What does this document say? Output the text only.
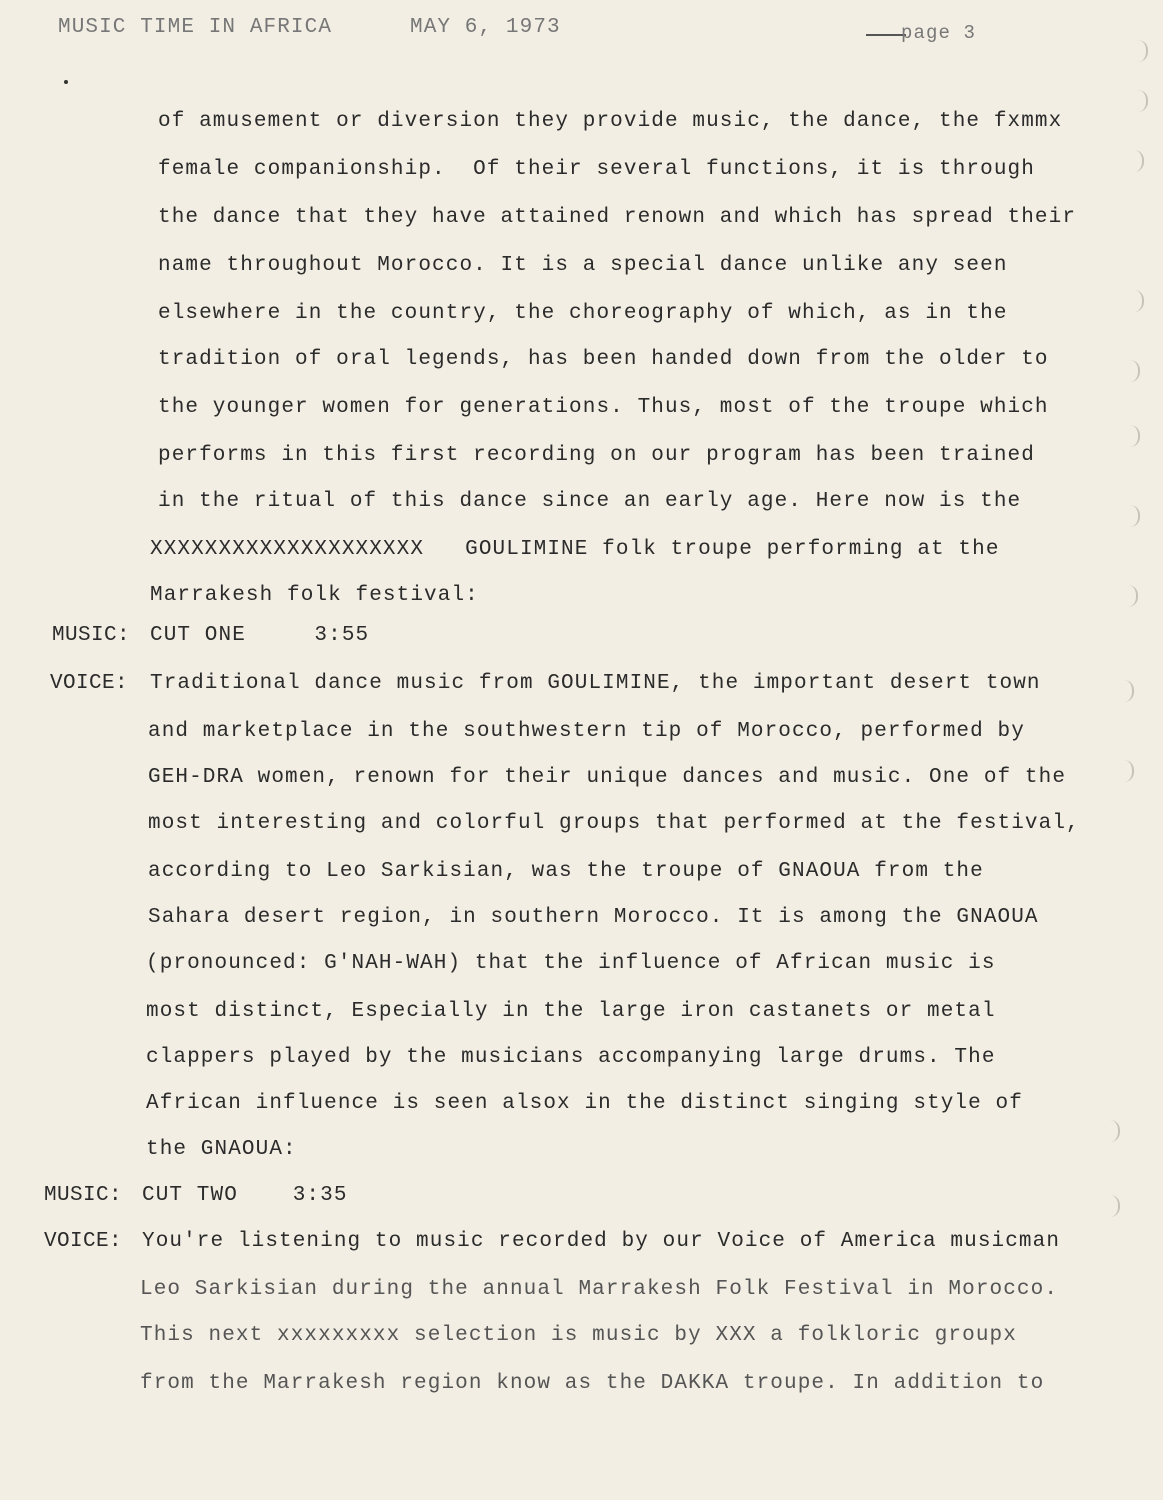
MUSIC TIME IN AFRICA	MAY 6, 1973	page 3
of amusement or diversion they provide music, the dance, the fxmmx
female companionship.  Of their several functions, it is through
the dance that they have attained renown and which has spread their
name throughout Morocco. It is a special dance unlike any seen
elsewhere in the country, the choreography of which, as in the
tradition of oral legends, has been handed down from the older to
the younger women for generations. Thus, most of the troupe which
performs in this first recording on our program has been trained
in the ritual of this dance since an early age. Here now is the
XXXXXXXXXXXXXXXXXXXX   GOULIMINE folk troupe performing at the
Marrakesh folk festival:
MUSIC: CUT ONE     3:55
VOICE: Traditional dance music from GOULIMINE, the important desert town
and marketplace in the southwestern tip of Morocco, performed by
GEH-DRA women, renown for their unique dances and music. One of the
most interesting and colorful groups that performed at the festival,
according to Leo Sarkisian, was the troupe of GNAOUA from the
Sahara desert region, in southern Morocco. It is among the GNAOUA
(pronounced: G'NAH-WAH) that the influence of African music is
most distinct, Especially in the large iron castanets or metal
clappers played by the musicians accompanying large drums. The
African influence is seen alsox in the distinct singing style of
the GNAOUA:
MUSIC: CUT TWO    3:35
VOICE: You're listening to music recorded by our Voice of America musicman
Leo Sarkisian during the annual Marrakesh Folk Festival in Morocco.
This next xxxxxxxxx selection is music by XXX a folkloric groupx
from the Marrakesh region know as the DAKKA troupe. In addition to
